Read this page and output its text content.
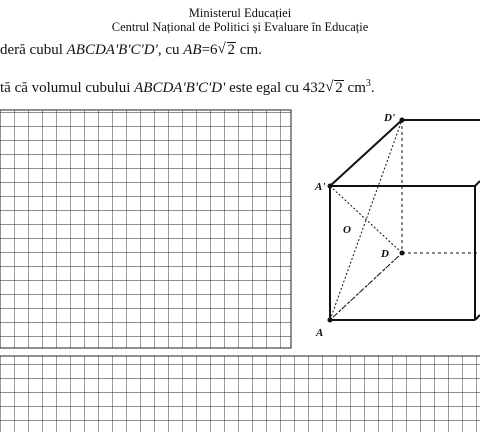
Ministerul Educației
Centrul Național de Politici și Evaluare în Educație
deră cubul ABCDA'B'C'D', cu AB=6 √ 2 cm.
tă că volumul cubului ABCDA'B'C'D' este egal cu 432 √ 2 $cm^3$.
D'
A'
O
D
A
